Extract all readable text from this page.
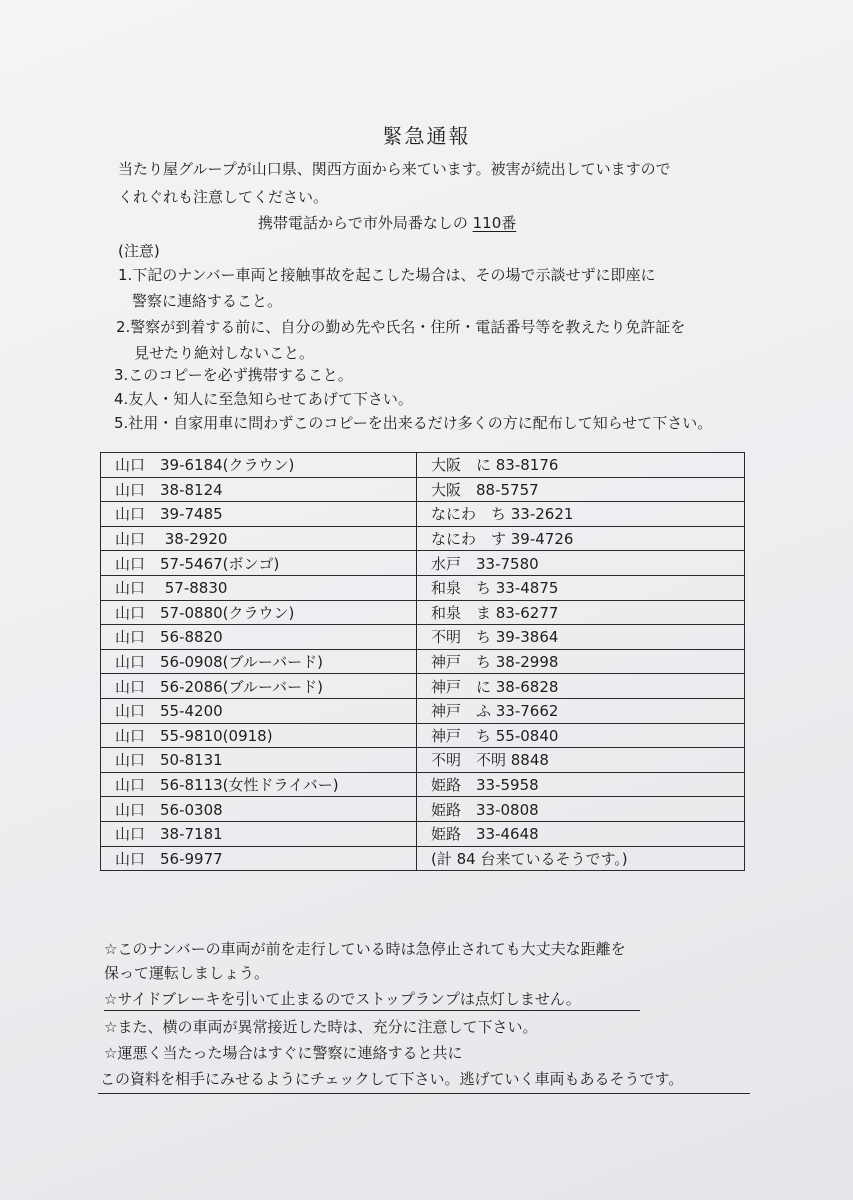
緊急通報
当たり屋グループが山口県、関西方面から来ています。被害が続出していますので
くれぐれも注意してください。
携帯電話からで市外局番なしの 110番
(注意)
1.下記のナンバー車両と接触事故を起こした場合は、その場で示談せずに即座に
警察に連絡すること。
2.警察が到着する前に、自分の勤め先や氏名・住所・電話番号等を教えたり免許証を
見せたり絶対しないこと。
3.このコピーを必ず携帯すること。
4.友人・知人に至急知らせてあげて下さい。
5.社用・自家用車に問わずこのコピーを出来るだけ多くの方に配布して知らせて下さい。
山口　39-6184(クラウン)	大阪　に 83-8176
山口　38-8124	大阪　88-5757
山口　39-7485	なにわ　ち 33-2621
山口　 38-2920	なにわ　す 39-4726
山口　57-5467(ボンゴ)	水戸　33-7580
山口　 57-8830	和泉　ち 33-4875
山口　57-0880(クラウン)	和泉　ま 83-6277
山口　56-8820	不明　ち 39-3864
山口　56-0908(ブルーバード)	神戸　ち 38-2998
山口　56-2086(ブルーバード)	神戸　に 38-6828
山口　55-4200	神戸　ふ 33-7662
山口　55-9810(0918)	神戸　ち 55-0840
山口　50-8131	不明　不明 8848
山口　56-8113(女性ドライバー)	姫路　33-5958
山口　56-0308	姫路　33-0808
山口　38-7181	姫路　33-4648
山口　56-9977	(計 84 台来ているそうです。)
☆このナンバーの車両が前を走行している時は急停止されても大丈夫な距離を
保って運転しましょう。
☆サイドブレーキを引いて止まるのでストップランプは点灯しません。
☆また、横の車両が異常接近した時は、充分に注意して下さい。
☆運悪く当たった場合はすぐに警察に連絡すると共に
この資料を相手にみせるようにチェックして下さい。逃げていく車両もあるそうです。
